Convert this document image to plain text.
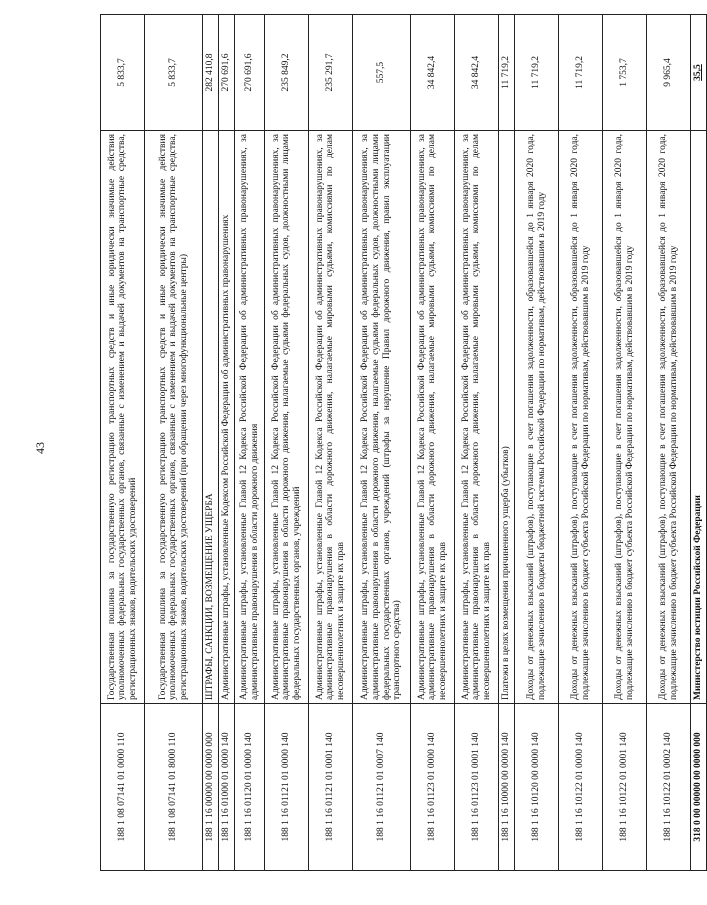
43
188 1 08 07141 01 0000 110	Государственная пошлина за государственную регистрацию транспортных средств и иные юридически значимые действия уполномоченных федеральных государственных органов, связанные с изменением и выдачей документов на транспортные средства, регистрационных знаков, водительских удостоверений	5 833,7
188 1 08 07141 01 8000 110	Государственная пошлина за государственную регистрацию транспортных средств и иные юридически значимые действия уполномоченных федеральных государственных органов, связанные с изменением и выдачей документов на транспортные средства, регистрационных знаков, водительских удостоверений (при обращении через многофункциональные центры)	5 833,7
188 1 16 00000 00 0000 000	ШТРАФЫ, САНКЦИИ, ВОЗМЕЩЕНИЕ УЩЕРБА	282 410,8
188 1 16 01000 01 0000 140	Административные штрафы, установленные Кодексом Российской Федерации об административных правонарушениях	270 691,6
188 1 16 01120 01 0000 140	Административные штрафы, установленные Главой 12 Кодекса Российской Федерации об административных правонарушениях, за административные правонарушения в области дорожного движения	270 691,6
188 1 16 01121 01 0000 140	Административные штрафы, установленные Главой 12 Кодекса Российской Федерации об административных правонарушениях, за административные правонарушения в области дорожного движения, налагаемые судьями федеральных судов, должностными лицами федеральных государственных органов, учреждений	235 849,2
188 1 16 01121 01 0001 140	Административные штрафы, установленные Главой 12 Кодекса Российской Федерации об административных правонарушениях, за административные правонарушения в области дорожного движения, налагаемые мировыми судьями, комиссиями по делам несовершеннолетних и защите их прав	235 291,7
188 1 16 01121 01 0007 140	Административные штрафы, установленные Главой 12 Кодекса Российской Федерации об административных правонарушениях, за административные правонарушения в области дорожного движения, налагаемые судьями федеральных судов, должностными лицами федеральных государственных органов, учреждений (штрафы за нарушение Правил дорожного движения, правил эксплуатации транспортного средства)	557,5
188 1 16 01123 01 0000 140	Административные штрафы, установленные Главой 12 Кодекса Российской Федерации об административных правонарушениях, за административные правонарушения в области дорожного движения, налагаемые мировыми судьями, комиссиями по делам несовершеннолетних и защите их прав	34 842,4
188 1 16 01123 01 0001 140	Административные штрафы, установленные Главой 12 Кодекса Российской Федерации об административных правонарушениях, за административные правонарушения в области дорожного движения, налагаемые мировыми судьями, комиссиями по делам несовершеннолетних и защите их прав	34 842,4
188 1 16 10000 00 0000 140	Платежи в целях возмещения причиненного ущерба (убытков)	11 719,2
188 1 16 10120 00 0000 140	Доходы от денежных взысканий (штрафов), поступающие в счет погашения задолженности, образовавшейся до 1 января 2020 года, подлежащие зачислению в бюджеты бюджетной системы Российской Федерации по нормативам, действовавшим в 2019 году	11 719,2
188 1 16 10122 01 0000 140	Доходы от денежных взысканий (штрафов), поступающие в счет погашения задолженности, образовавшейся до 1 января 2020 года, подлежащие зачислению в бюджет субъекта Российской Федерации по нормативам, действовавшим в 2019 году	11 719,2
188 1 16 10122 01 0001 140	Доходы от денежных взысканий (штрафов), поступающие в счет погашения задолженности, образовавшейся до 1 января 2020 года, подлежащие зачислению в бюджет субъекта Российской Федерации по нормативам, действовавшим в 2019 году	1 753,7
188 1 16 10122 01 0002 140	Доходы от денежных взысканий (штрафов), поступающие в счет погашения задолженности, образовавшейся до 1 января 2020 года, подлежащие зачислению в бюджет субъекта Российской Федерации по нормативам, действовавшим в 2019 году	9 965,4
318 0 00 00000 00 0000 000	Министерство юстиции Российской Федерации	35,5
